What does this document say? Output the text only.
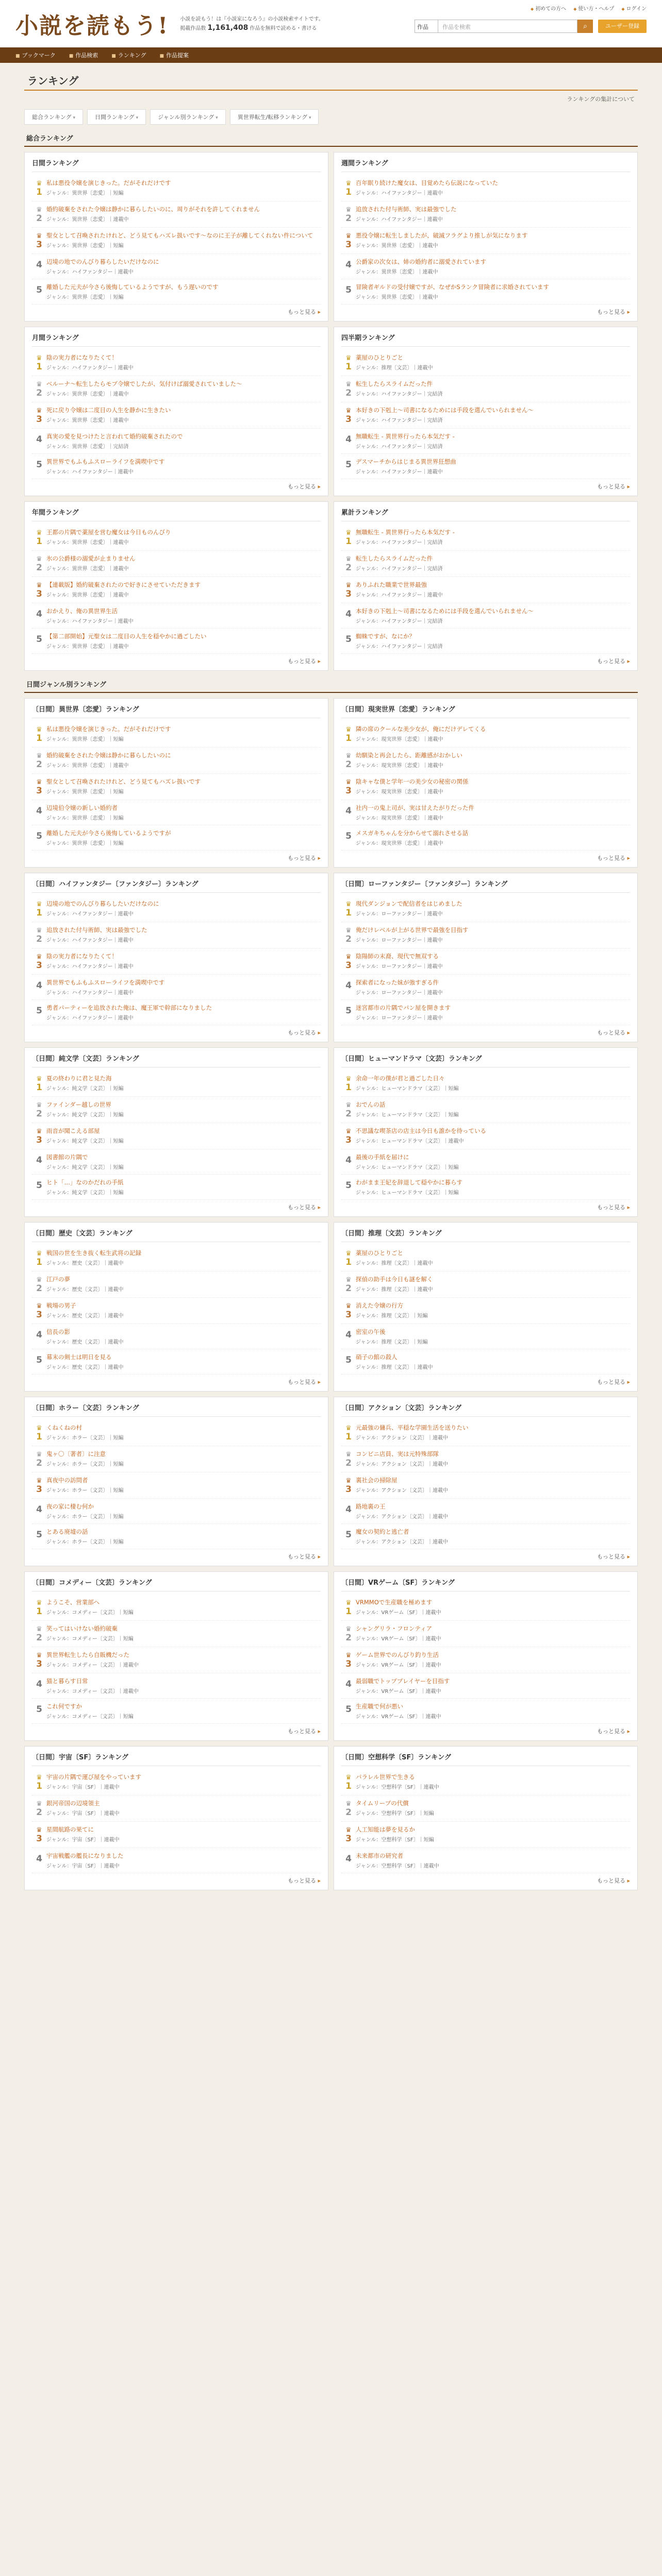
小説を読もう! 小説を読もう！は『小説家になろう』の小説検索サイトです。
掲載作品数 1,161,408 作品を無料で読める・書ける
◆ 初めての方へ	◆ 使い方・ヘルプ	◆ ログイン
作品	作品を検索	⌕	ユーザー登録
■ ブックマーク	■ 作品検索	■ ランキング	■ 作品提案
ランキング
ランキングの集計について
総合ランキング ▾	日間ランキング ▾	ジャンル別ランキング ▾	異世界転生/転移ランキング ▾
総合ランキング
日間ランキング
♛
1
私は悪役令嬢を演じきった。だがそれだけです
ジャンル：異世界〔恋愛〕｜短編
♛
2
婚約破棄をされた令嬢は静かに暮らしたいのに、周りがそれを許してくれません
ジャンル：異世界〔恋愛〕｜連載中
♛
3
聖女として召喚されたけれど、どう見てもハズレ扱いです〜なのに王子が離してくれない件について
ジャンル：異世界〔恋愛〕｜短編
4 辺境の地でのんびり暮らしたいだけなのに
ジャンル：ハイファンタジー｜連載中
5 離婚した元夫が今さら後悔しているようですが、もう遅いのです
ジャンル：異世界〔恋愛〕｜短編
もっと見る ▸
週間ランキング
♛
1
百年眠り続けた魔女は、目覚めたら伝説になっていた
ジャンル：ハイファンタジー｜連載中
♛
2
追放された付与術師、実は最強でした
ジャンル：ハイファンタジー｜連載中
♛
3
悪役令嬢に転生しましたが、破滅フラグより推しが気になります
ジャンル：異世界〔恋愛〕｜連載中
4 公爵家の次女は、姉の婚約者に溺愛されています
ジャンル：異世界〔恋愛〕｜連載中
5 冒険者ギルドの受付嬢ですが、なぜかSランク冒険者に求婚されています
ジャンル：異世界〔恋愛〕｜連載中
もっと見る ▸
月間ランキング
♛
1
陰の実力者になりたくて！
ジャンル：ハイファンタジー｜連載中
♛
2
ベルーナ〜転生したらモブ令嬢でしたが、気付けば溺愛されていました〜
ジャンル：異世界〔恋愛〕｜連載中
♛
3
死に戻り令嬢は二度目の人生を静かに生きたい
ジャンル：異世界〔恋愛〕｜連載中
4 真実の愛を見つけたと言われて婚約破棄されたので
ジャンル：異世界〔恋愛〕｜完結済
5 異世界でもふもふスローライフを満喫中です
ジャンル：ハイファンタジー｜連載中
もっと見る ▸
四半期ランキング
♛
1
薬屋のひとりごと
ジャンル：推理〔文芸〕｜連載中
♛
2
転生したらスライムだった件
ジャンル：ハイファンタジー｜完結済
♛
3
本好きの下剋上〜司書になるためには手段を選んでいられません〜
ジャンル：ハイファンタジー｜完結済
4 無職転生 - 異世界行ったら本気だす -
ジャンル：ハイファンタジー｜完結済
5 デスマーチからはじまる異世界狂想曲
ジャンル：ハイファンタジー｜連載中
もっと見る ▸
年間ランキング
♛
1
王都の片隅で薬屋を営む魔女は今日ものんびり
ジャンル：異世界〔恋愛〕｜連載中
♛
2
氷の公爵様の溺愛が止まりません
ジャンル：異世界〔恋愛〕｜連載中
♛
3
【連載版】婚約破棄されたので好きにさせていただきます
ジャンル：異世界〔恋愛〕｜連載中
4 おかえり、俺の異世界生活
ジャンル：ハイファンタジー｜連載中
5 【第二部開始】元聖女は二度目の人生を穏やかに過ごしたい
ジャンル：異世界〔恋愛〕｜連載中
もっと見る ▸
累計ランキング
♛
1
無職転生 - 異世界行ったら本気だす -
ジャンル：ハイファンタジー｜完結済
♛
2
転生したらスライムだった件
ジャンル：ハイファンタジー｜完結済
♛
3
ありふれた職業で世界最強
ジャンル：ハイファンタジー｜連載中
4 本好きの下剋上〜司書になるためには手段を選んでいられません〜
ジャンル：ハイファンタジー｜完結済
5 蜘蛛ですが、なにか？
ジャンル：ハイファンタジー｜完結済
もっと見る ▸
日間ジャンル別ランキング
〔日間〕異世界〔恋愛〕ランキング
♛
1
私は悪役令嬢を演じきった。だがそれだけです
ジャンル：異世界〔恋愛〕｜短編
♛
2
婚約破棄をされた令嬢は静かに暮らしたいのに
ジャンル：異世界〔恋愛〕｜連載中
♛
3
聖女として召喚されたけれど、どう見てもハズレ扱いです
ジャンル：異世界〔恋愛〕｜短編
4 辺境伯令嬢の新しい婚約者
ジャンル：異世界〔恋愛〕｜短編
5 離婚した元夫が今さら後悔しているようですが
ジャンル：異世界〔恋愛〕｜短編
もっと見る ▸
〔日間〕現実世界〔恋愛〕ランキング
♛
1
隣の席のクールな美少女が、俺にだけデレてくる
ジャンル：現実世界〔恋愛〕｜連載中
♛
2
幼馴染と再会したら、距離感がおかしい
ジャンル：現実世界〔恋愛〕｜連載中
♛
3
陰キャな僕と学年一の美少女の秘密の関係
ジャンル：現実世界〔恋愛〕｜連載中
4 社内一の鬼上司が、実は甘えたがりだった件
ジャンル：現実世界〔恋愛〕｜連載中
5 メスガキちゃんを分からせて溺れさせる話
ジャンル：現実世界〔恋愛〕｜連載中
もっと見る ▸
〔日間〕ハイファンタジー〔ファンタジー〕ランキング
♛
1
辺境の地でのんびり暮らしたいだけなのに
ジャンル：ハイファンタジー｜連載中
♛
2
追放された付与術師、実は最強でした
ジャンル：ハイファンタジー｜連載中
♛
3
陰の実力者になりたくて！
ジャンル：ハイファンタジー｜連載中
4 異世界でもふもふスローライフを満喫中です
ジャンル：ハイファンタジー｜連載中
5 勇者パーティーを追放された俺は、魔王軍で幹部になりました
ジャンル：ハイファンタジー｜連載中
もっと見る ▸
〔日間〕ローファンタジー〔ファンタジー〕ランキング
♛
1
現代ダンジョンで配信者をはじめました
ジャンル：ローファンタジー｜連載中
♛
2
俺だけレベルが上がる世界で最強を目指す
ジャンル：ローファンタジー｜連載中
♛
3
陰陽師の末裔、現代で無双する
ジャンル：ローファンタジー｜連載中
4 探索者になった妹が強すぎる件
ジャンル：ローファンタジー｜連載中
5 迷宮都市の片隅でパン屋を開きます
ジャンル：ローファンタジー｜連載中
もっと見る ▸
〔日間〕純文学〔文芸〕ランキング
♛
1
夏の終わりに君と見た海
ジャンル：純文学〔文芸〕｜短編
♛
2
ファインダー越しの世界
ジャンル：純文学〔文芸〕｜短編
♛
3
雨音が聞こえる部屋
ジャンル：純文学〔文芸〕｜短編
4 図書館の片隅で
ジャンル：純文学〔文芸〕｜短編
5 ヒト「…」なのかだれの手紙
ジャンル：純文学〔文芸〕｜短編
もっと見る ▸
〔日間〕ヒューマンドラマ〔文芸〕ランキング
♛
1
余命一年の僕が君と過ごした日々
ジャンル：ヒューマンドラマ〔文芸〕｜短編
♛
2
おでんの話
ジャンル：ヒューマンドラマ〔文芸〕｜短編
♛
3
不思議な喫茶店の店主は今日も誰かを待っている
ジャンル：ヒューマンドラマ〔文芸〕｜連載中
4 最後の手紙を届けに
ジャンル：ヒューマンドラマ〔文芸〕｜短編
5 わがまま王妃を辞退して穏やかに暮らす
ジャンル：ヒューマンドラマ〔文芸〕｜短編
もっと見る ▸
〔日間〕歴史〔文芸〕ランキング
♛
1
戦国の世を生き抜く転生武将の記録
ジャンル：歴史〔文芸〕｜連載中
♛
2
江戸の夢
ジャンル：歴史〔文芸〕｜連載中
♛
3
戦場の男子
ジャンル：歴史〔文芸〕｜連載中
4 信長の影
ジャンル：歴史〔文芸〕｜連載中
5 幕末の剣士は明日を見る
ジャンル：歴史〔文芸〕｜連載中
もっと見る ▸
〔日間〕推理〔文芸〕ランキング
♛
1
薬屋のひとりごと
ジャンル：推理〔文芸〕｜連載中
♛
2
探偵の助手は今日も謎を解く
ジャンル：推理〔文芸〕｜連載中
♛
3
消えた令嬢の行方
ジャンル：推理〔文芸〕｜短編
4 密室の午後
ジャンル：推理〔文芸〕｜短編
5 硝子の館の殺人
ジャンル：推理〔文芸〕｜連載中
もっと見る ▸
〔日間〕ホラー〔文芸〕ランキング
♛
1
くねくねの村
ジャンル：ホラー〔文芸〕｜短編
♛
2
鬼ヶ〇〔著者〕に注意
ジャンル：ホラー〔文芸〕｜短編
♛
3
真夜中の訪問者
ジャンル：ホラー〔文芸〕｜短編
4 夜の家に棲む何か
ジャンル：ホラー〔文芸〕｜短編
5 とある廃墟の話
ジャンル：ホラー〔文芸〕｜短編
もっと見る ▸
〔日間〕アクション〔文芸〕ランキング
♛
1
元最強の傭兵、平穏な学園生活を送りたい
ジャンル：アクション〔文芸〕｜連載中
♛
2
コンビニ店員、実は元特殊部隊
ジャンル：アクション〔文芸〕｜連載中
♛
3
裏社会の掃除屋
ジャンル：アクション〔文芸〕｜連載中
4 路地裏の王
ジャンル：アクション〔文芸〕｜連載中
5 魔女の契約と逃亡者
ジャンル：アクション〔文芸〕｜連載中
もっと見る ▸
〔日間〕コメディー〔文芸〕ランキング
♛
1
ようこそ、営業部へ
ジャンル：コメディー〔文芸〕｜短編
♛
2
笑ってはいけない婚約破棄
ジャンル：コメディー〔文芸〕｜短編
♛
3
異世界転生したら自販機だった
ジャンル：コメディー〔文芸〕｜連載中
4 猫と暮らす日常
ジャンル：コメディー〔文芸〕｜連載中
5 これ何ですか
ジャンル：コメディー〔文芸〕｜短編
もっと見る ▸
〔日間〕VRゲーム〔SF〕ランキング
♛
1
VRMMOで生産職を極めます
ジャンル：VRゲーム〔SF〕｜連載中
♛
2
シャングリラ・フロンティア
ジャンル：VRゲーム〔SF〕｜連載中
♛
3
ゲーム世界でのんびり釣り生活
ジャンル：VRゲーム〔SF〕｜連載中
4 最弱職でトッププレイヤーを目指す
ジャンル：VRゲーム〔SF〕｜連載中
5 生産職で何が悪い
ジャンル：VRゲーム〔SF〕｜連載中
もっと見る ▸
〔日間〕宇宙〔SF〕ランキング
♛
1
宇宙の片隅で運び屋をやっています
ジャンル：宇宙〔SF〕｜連載中
♛
2
銀河帝国の辺境領主
ジャンル：宇宙〔SF〕｜連載中
♛
3
星間航路の果てに
ジャンル：宇宙〔SF〕｜連載中
4 宇宙戦艦の艦長になりました
ジャンル：宇宙〔SF〕｜連載中
もっと見る ▸
〔日間〕空想科学〔SF〕ランキング
♛
1
パラレル世界で生きる
ジャンル：空想科学〔SF〕｜連載中
♛
2
タイムリープの代償
ジャンル：空想科学〔SF〕｜短編
♛
3
人工知能は夢を見るか
ジャンル：空想科学〔SF〕｜短編
4 未来都市の研究者
ジャンル：空想科学〔SF〕｜連載中
もっと見る ▸
